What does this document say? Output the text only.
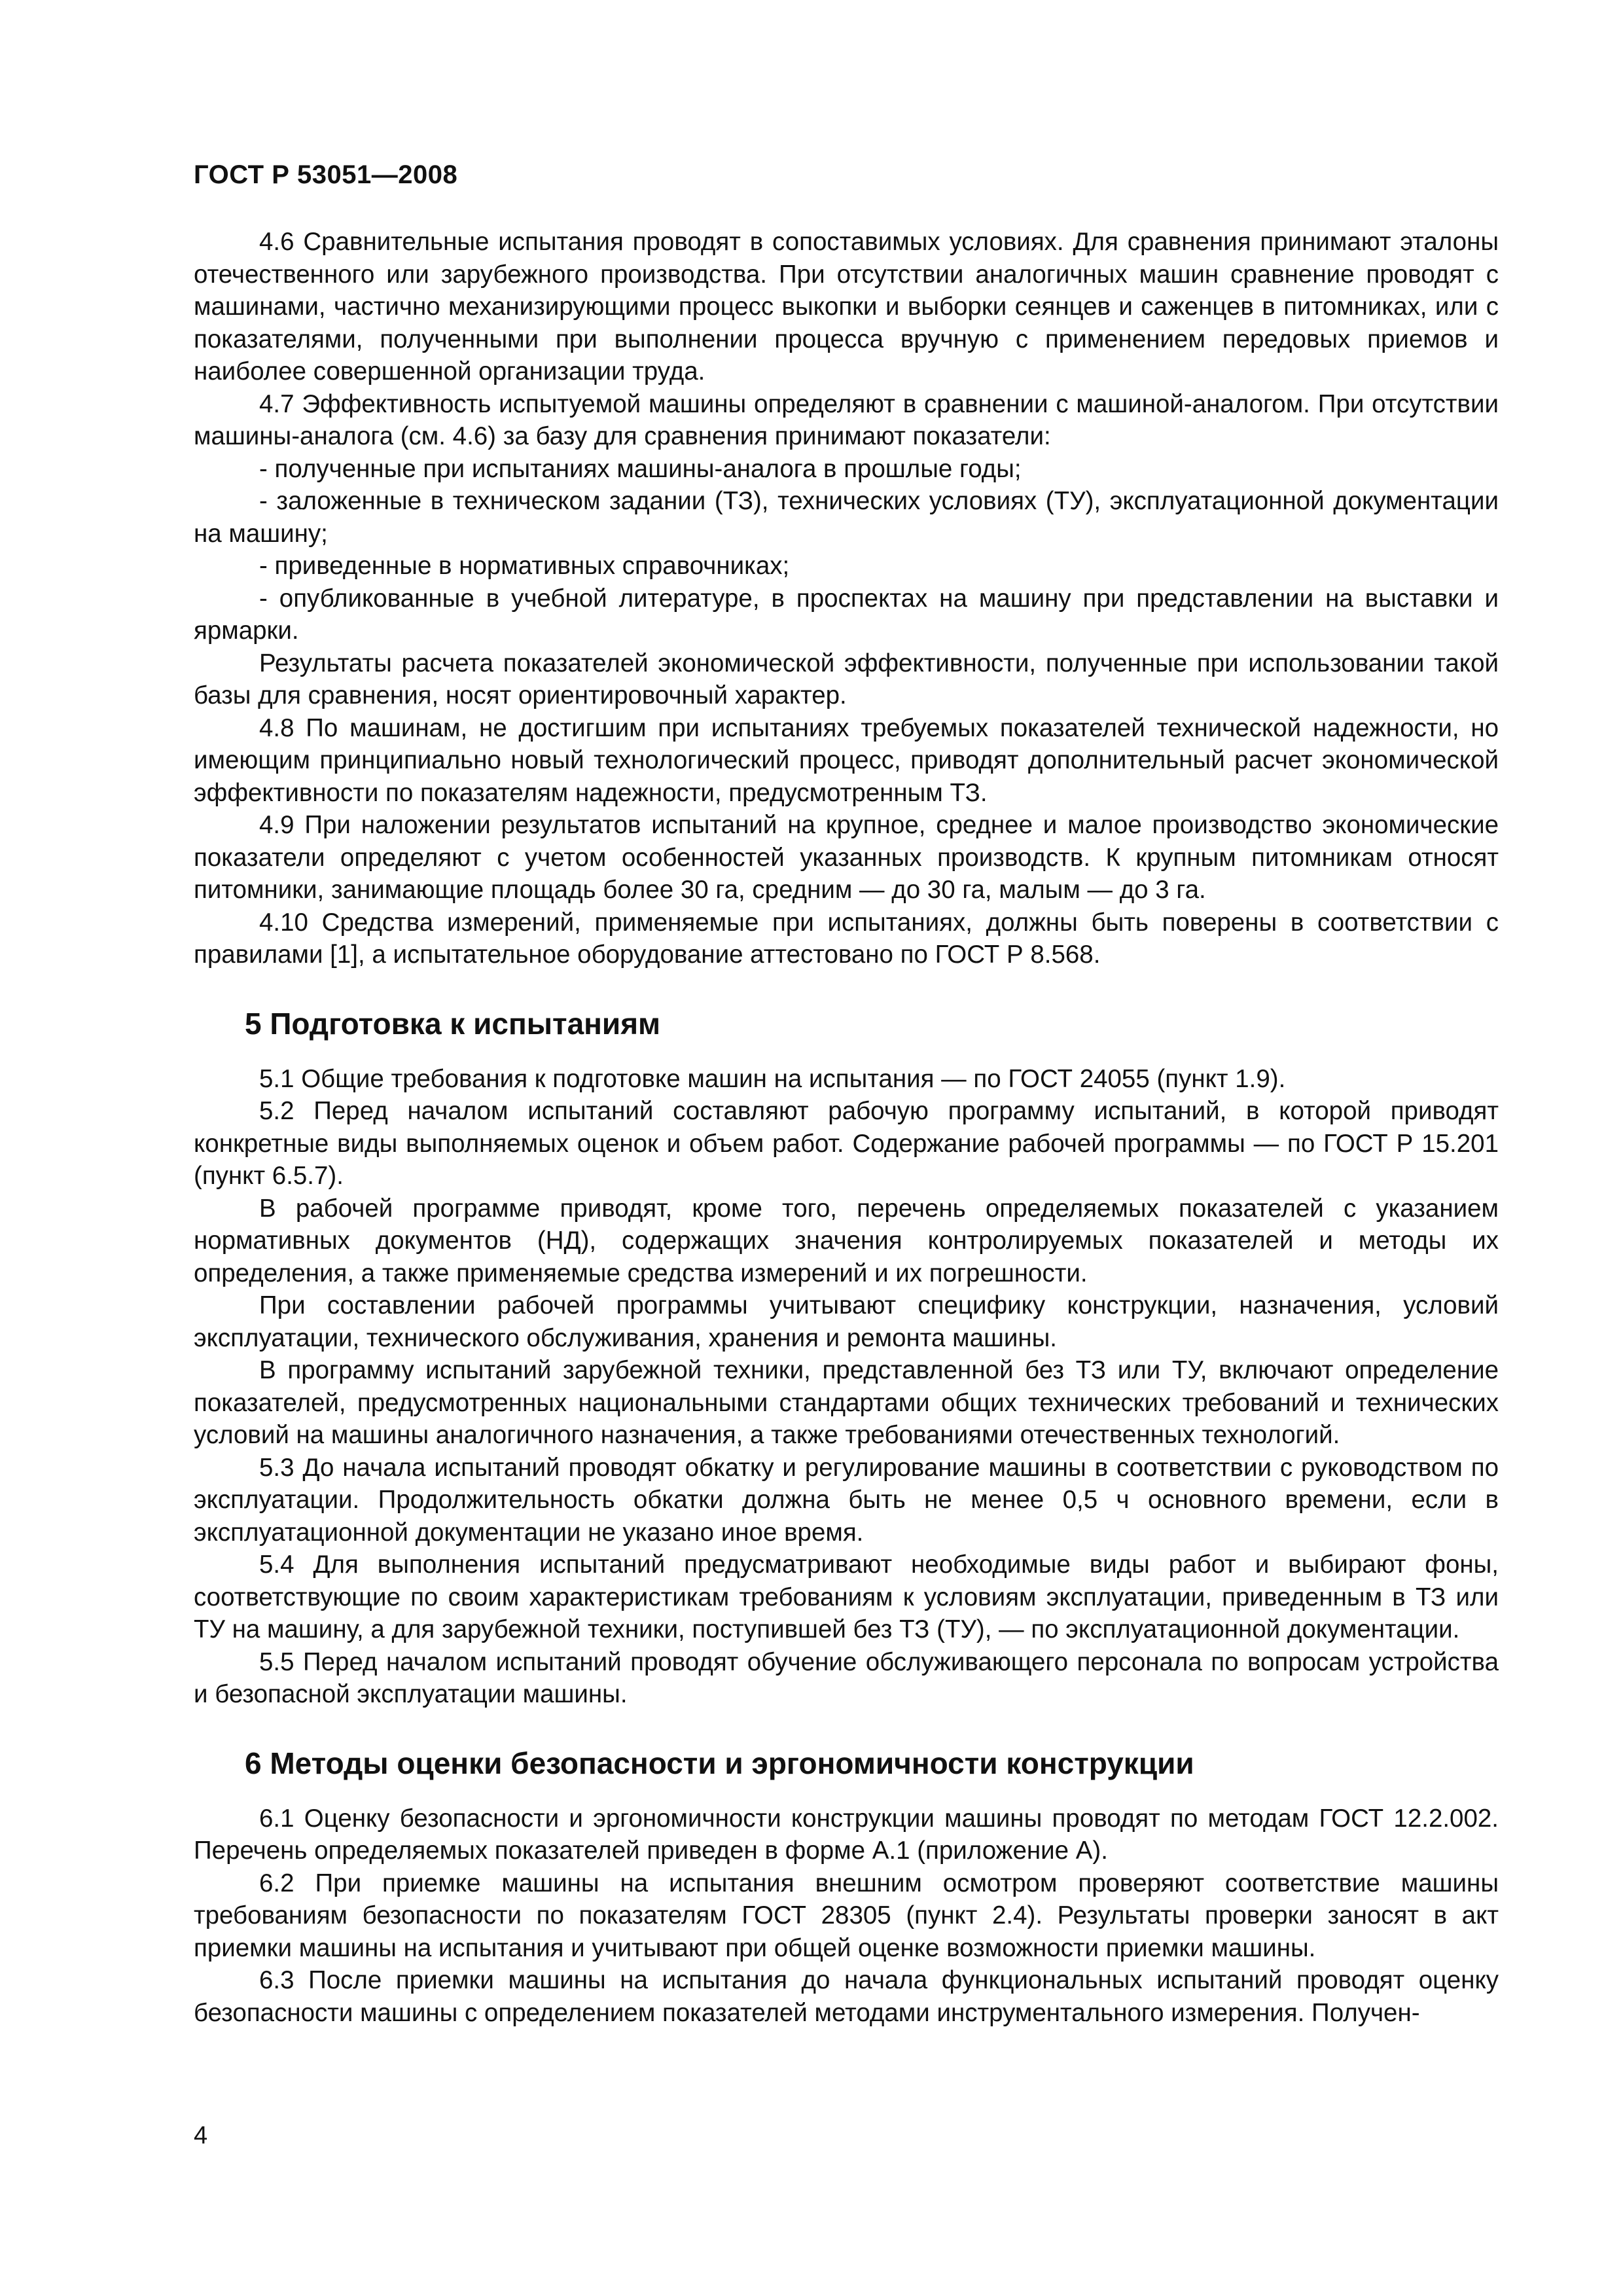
ГОСТ Р 53051—2008

4.6 Сравнительные испытания проводят в сопоставимых условиях. Для сравнения принимают эталоны отечественного или зарубежного производства. При отсутствии аналогичных машин сравнение проводят с машинами, частично механизирующими процесс выкопки и выборки сеянцев и саженцев в питомниках, или с показателями, полученными при выполнении процесса вручную с применением передовых приемов и наиболее совершенной организации труда.

4.7 Эффективность испытуемой машины определяют в сравнении с машиной-аналогом. При отсутствии машины-аналога (см. 4.6) за базу для сравнения принимают показатели:

- полученные при испытаниях машины-аналога в прошлые годы;

- заложенные в техническом задании (ТЗ), технических условиях (ТУ), эксплуатационной документации на машину;

- приведенные в нормативных справочниках;

- опубликованные в учебной литературе, в проспектах на машину при представлении на выставки и ярмарки.

Результаты расчета показателей экономической эффективности, полученные при использовании такой базы для сравнения, носят ориентировочный характер.

4.8 По машинам, не достигшим при испытаниях требуемых показателей технической надежности, но имеющим принципиально новый технологический процесс, приводят дополнительный расчет экономической эффективности по показателям надежности, предусмотренным ТЗ.

4.9 При наложении результатов испытаний на крупное, среднее и малое производство экономические показатели определяют с учетом особенностей указанных производств. К крупным питомникам относят питомники, занимающие площадь более 30 га, средним — до 30 га, малым — до 3 га.

4.10 Средства измерений, применяемые при испытаниях, должны быть поверены в соответствии с правилами [1], а испытательное оборудование аттестовано по ГОСТ Р 8.568.

5 Подготовка к испытаниям

5.1 Общие требования к подготовке машин на испытания — по ГОСТ 24055 (пункт 1.9).

5.2 Перед началом испытаний составляют рабочую программу испытаний, в которой приводят конкретные виды выполняемых оценок и объем работ. Содержание рабочей программы — по ГОСТ Р 15.201 (пункт 6.5.7).

В рабочей программе приводят, кроме того, перечень определяемых показателей с указанием нормативных документов (НД), содержащих значения контролируемых показателей и методы их определения, а также применяемые средства измерений и их погрешности.

При составлении рабочей программы учитывают специфику конструкции, назначения, условий эксплуатации, технического обслуживания, хранения и ремонта машины.

В программу испытаний зарубежной техники, представленной без ТЗ или ТУ, включают определение показателей, предусмотренных национальными стандартами общих технических требований и технических условий на машины аналогичного назначения, а также требованиями отечественных технологий.

5.3 До начала испытаний проводят обкатку и регулирование машины в соответствии с руководством по эксплуатации. Продолжительность обкатки должна быть не менее 0,5 ч основного времени, если в эксплуатационной документации не указано иное время.

5.4 Для выполнения испытаний предусматривают необходимые виды работ и выбирают фоны, соответствующие по своим характеристикам требованиям к условиям эксплуатации, приведенным в ТЗ или ТУ на машину, а для зарубежной техники, поступившей без ТЗ (ТУ), — по эксплуатационной документации.

5.5 Перед началом испытаний проводят обучение обслуживающего персонала по вопросам устройства и безопасной эксплуатации машины.

6 Методы оценки безопасности и эргономичности конструкции

6.1 Оценку безопасности и эргономичности конструкции машины проводят по методам ГОСТ 12.2.002. Перечень определяемых показателей приведен в форме А.1 (приложение А).

6.2 При приемке машины на испытания внешним осмотром проверяют соответствие машины требованиям безопасности по показателям ГОСТ 28305 (пункт 2.4). Результаты проверки заносят в акт приемки машины на испытания и учитывают при общей оценке возможности приемки машины.

6.3 После приемки машины на испытания до начала функциональных испытаний проводят оценку безопасности машины с определением показателей методами инструментального измерения. Получен-

4
